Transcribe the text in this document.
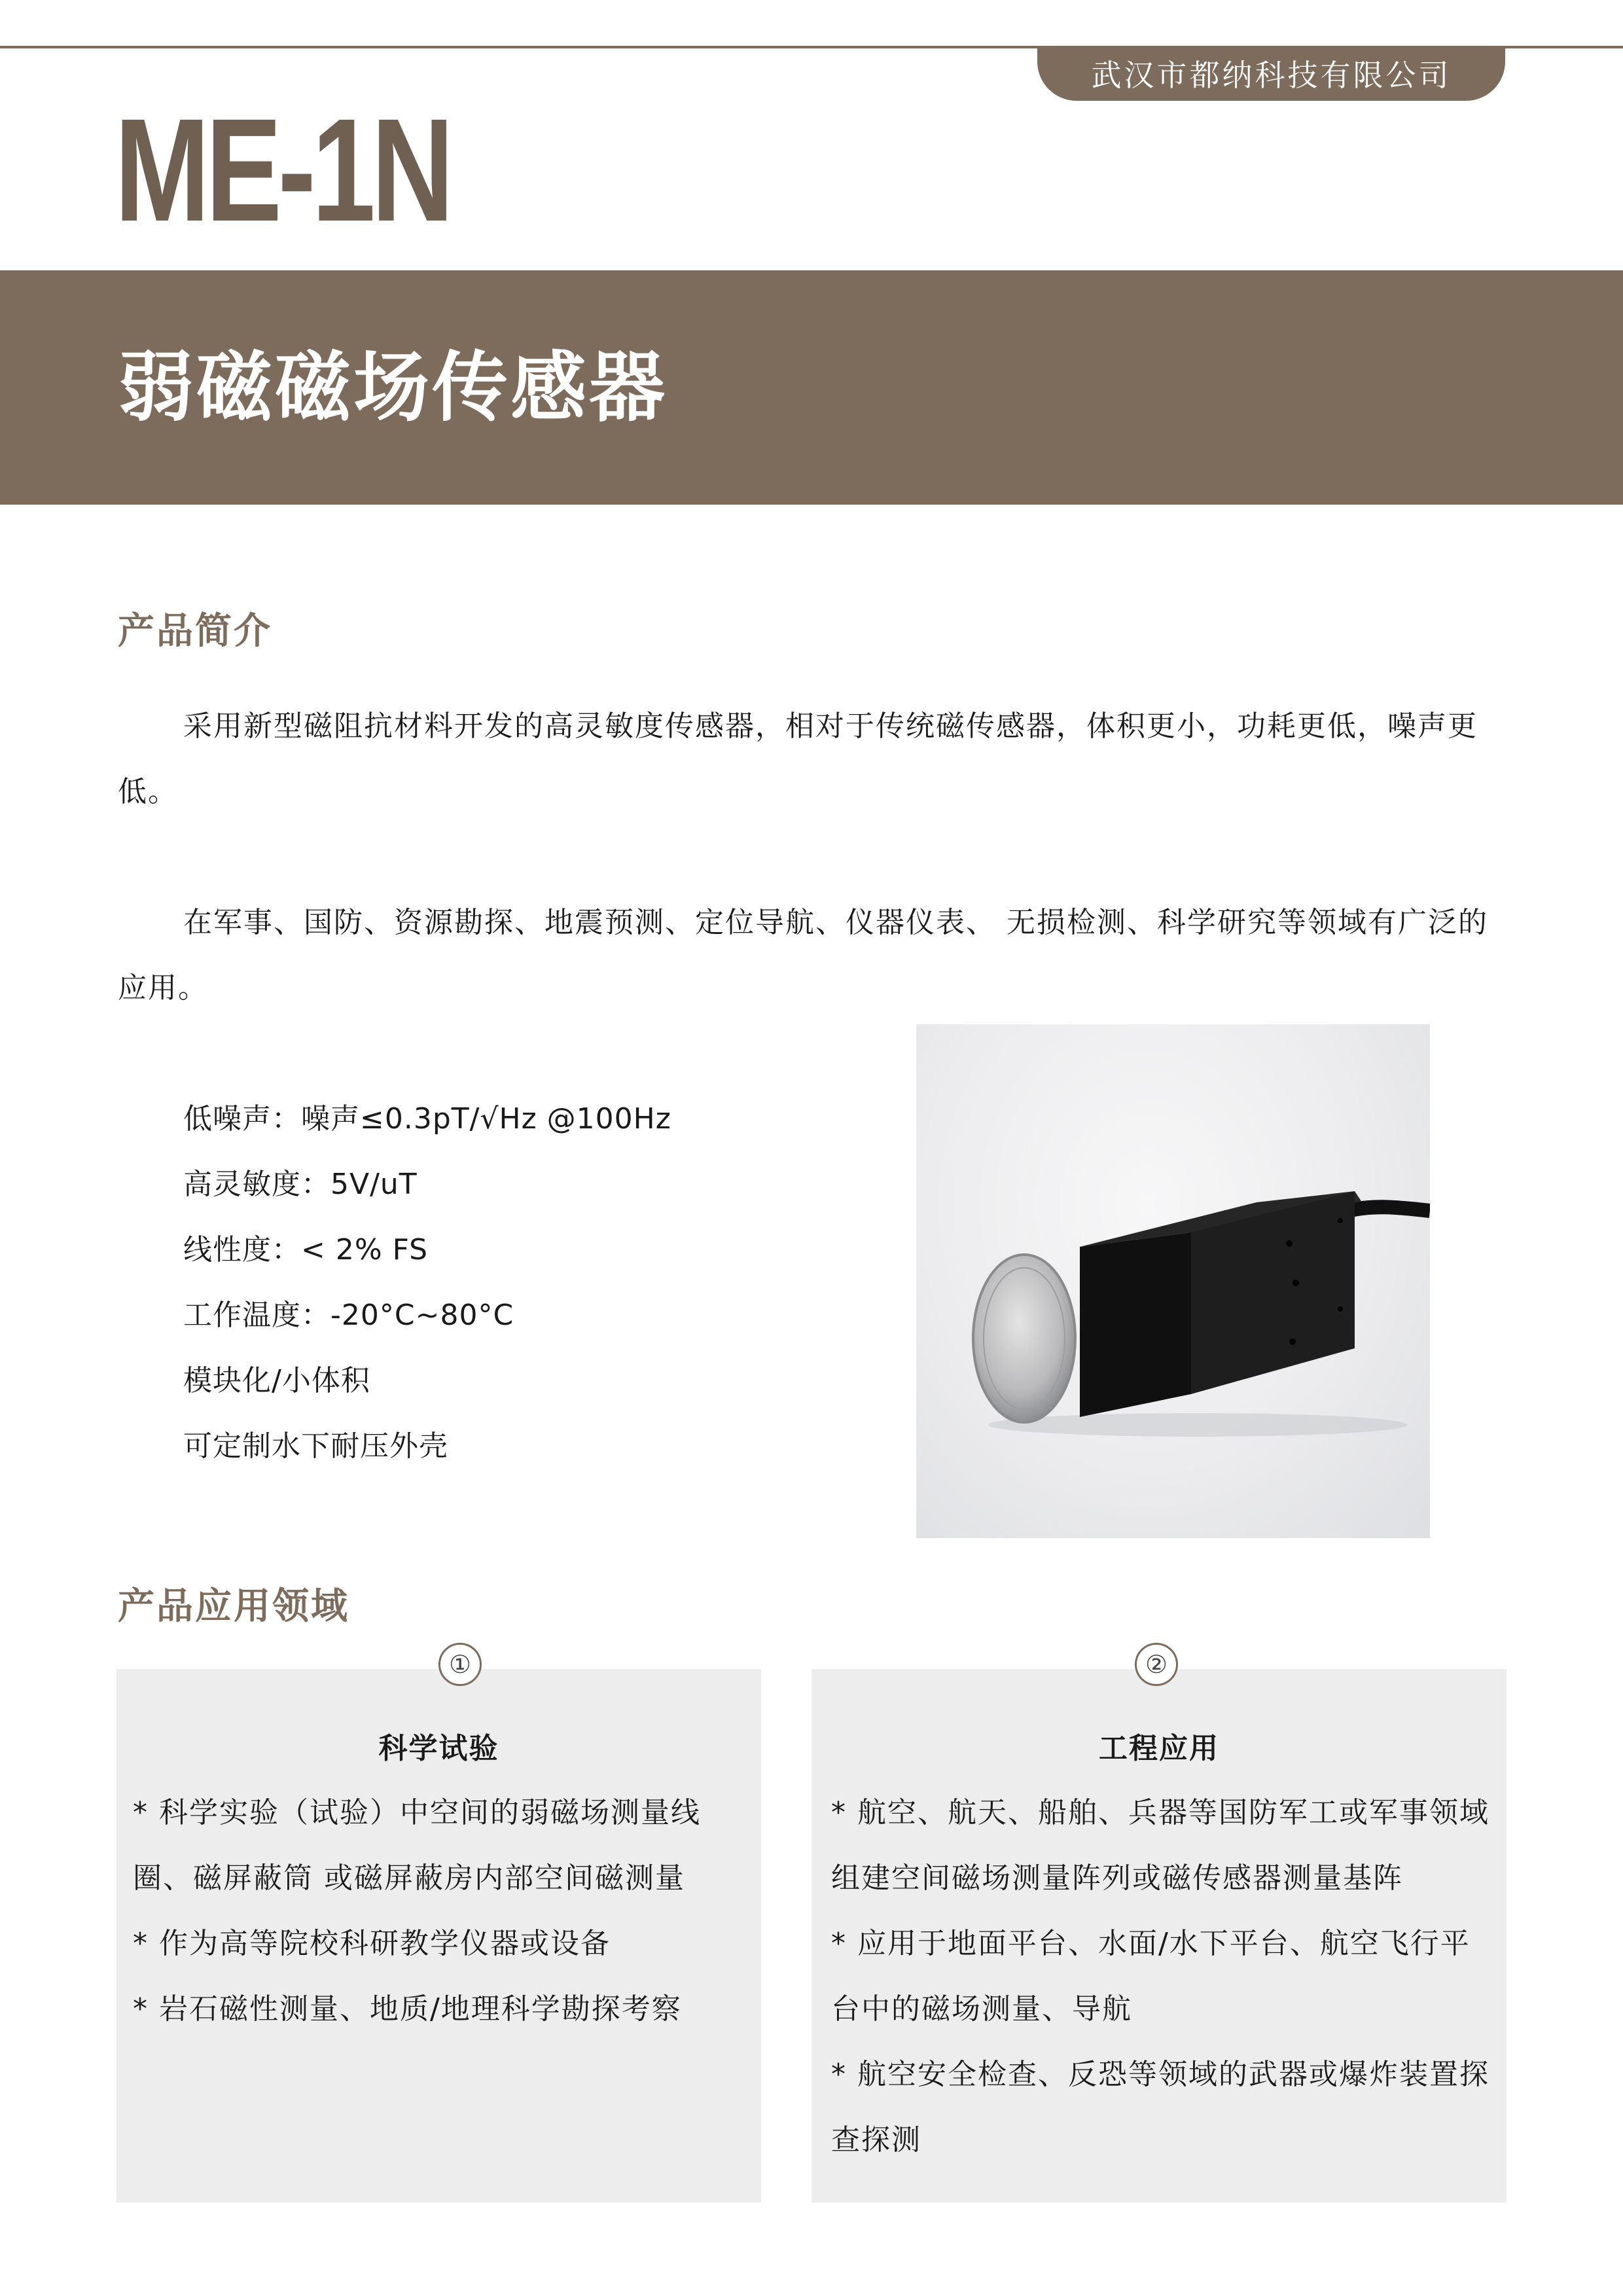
武汉市都纳科技有限公司
ME-1N
弱磁磁场传感器
产品简介

采用新型磁阻抗材料开发的高灵敏度传感器，相对于传统磁传感器，体积更小，功耗更低，噪声更低。

在军事、国防、资源勘探、地震预测、定位导航、仪器仪表、 无损检测、科学研究等领域有广泛的应用。

低噪声：噪声≤0.3pT/√Hz @100Hz
高灵敏度：5V/uT
线性度：< 2% FS
工作温度：-20°C~80°C
模块化/小体积
可定制水下耐压外壳
产品应用领域
①
科学试验
* 科学实验（试验）中空间的弱磁场测量线圈、磁屏蔽筒 或磁屏蔽房内部空间磁测量
* 作为高等院校科研教学仪器或设备
* 岩石磁性测量、地质/地理科学勘探考察
②
工程应用
* 航空、航天、船舶、兵器等国防军工或军事领域组建空间磁场测量阵列或磁传感器测量基阵
* 应用于地面平台、水面/水下平台、航空飞行平台中的磁场测量、导航
* 航空安全检查、反恐等领域的武器或爆炸装置探查探测
